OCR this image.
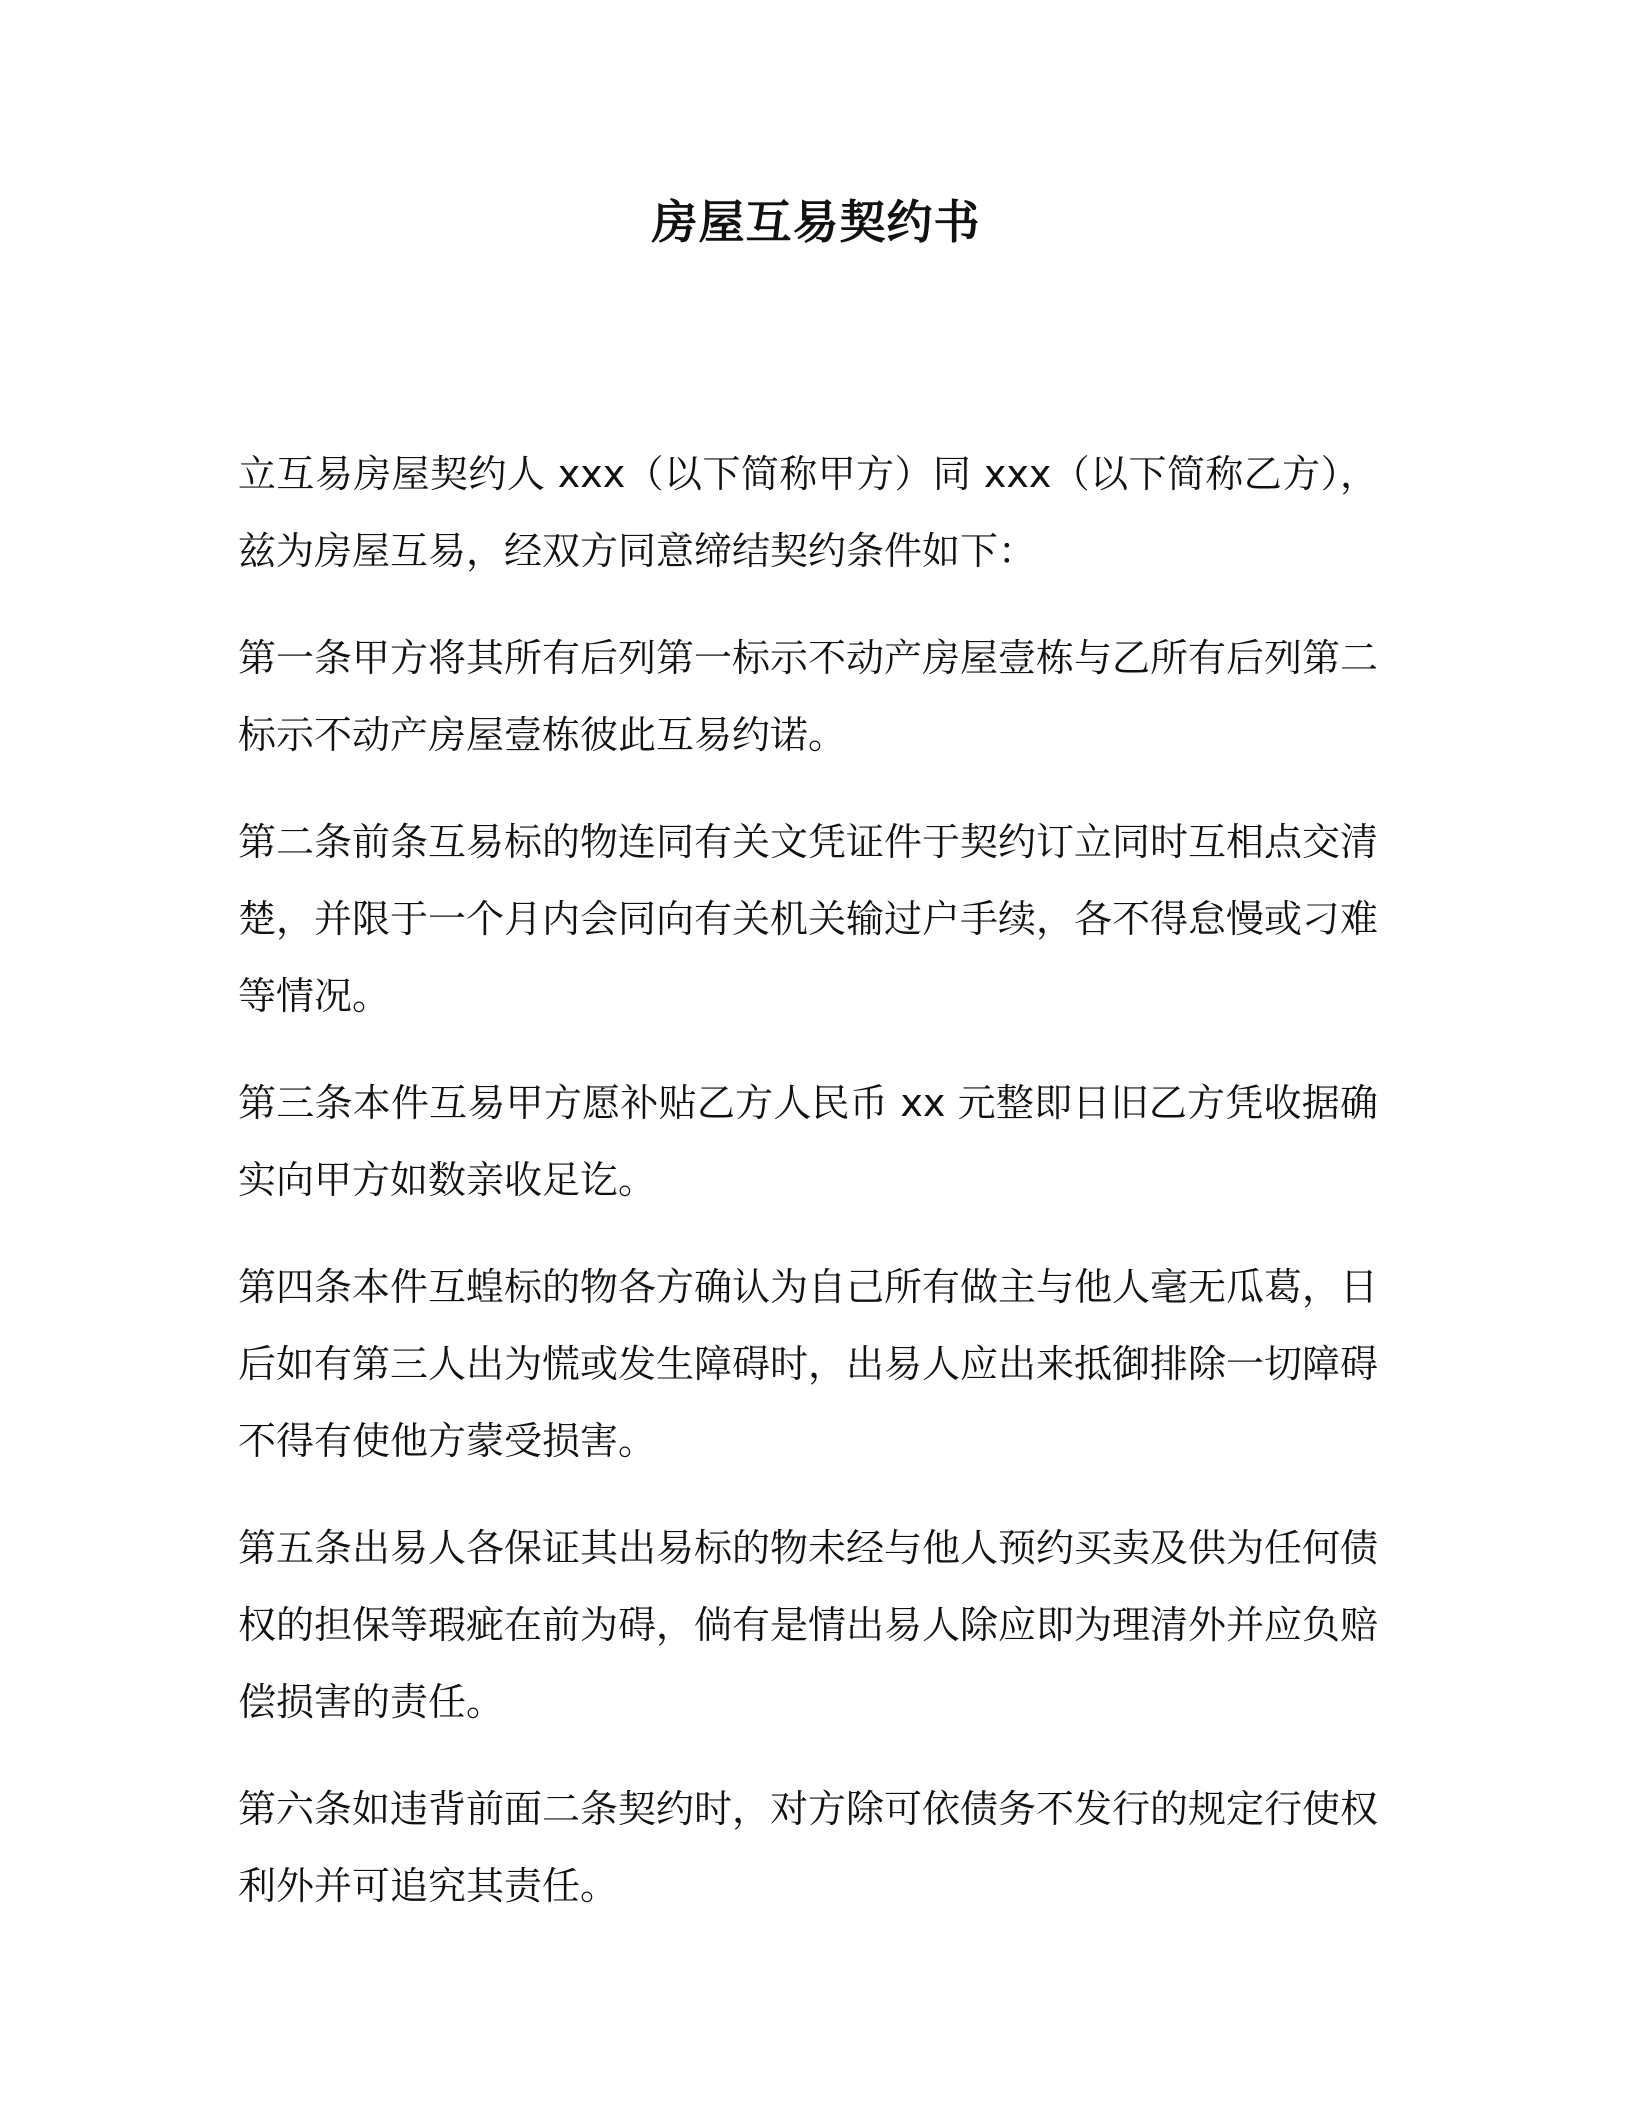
房屋互易契约书

立互易房屋契约人 xxx（以下简称甲方）同 xxx（以下简称乙方），兹为房屋互易，经双方同意缔结契约条件如下：

第一条甲方将其所有后列第一标示不动产房屋壹栋与乙所有后列第二标示不动产房屋壹栋彼此互易约诺。

第二条前条互易标的物连同有关文凭证件于契约订立同时互相点交清楚，并限于一个月内会同向有关机关输过户手续，各不得怠慢或刁难等情况。

第三条本件互易甲方愿补贴乙方人民币 xx 元整即日旧乙方凭收据确实向甲方如数亲收足讫。

第四条本件互蝗标的物各方确认为自己所有做主与他人毫无瓜葛，日后如有第三人出为慌或发生障碍时，出易人应出来抵御排除一切障碍不得有使他方蒙受损害。

第五条出易人各保证其出易标的物未经与他人预约买卖及供为任何债权的担保等瑕疵在前为碍，倘有是情出易人除应即为理清外并应负赔偿损害的责任。

第六条如违背前面二条契约时，对方除可依债务不发行的规定行使权利外并可追究其责任。
